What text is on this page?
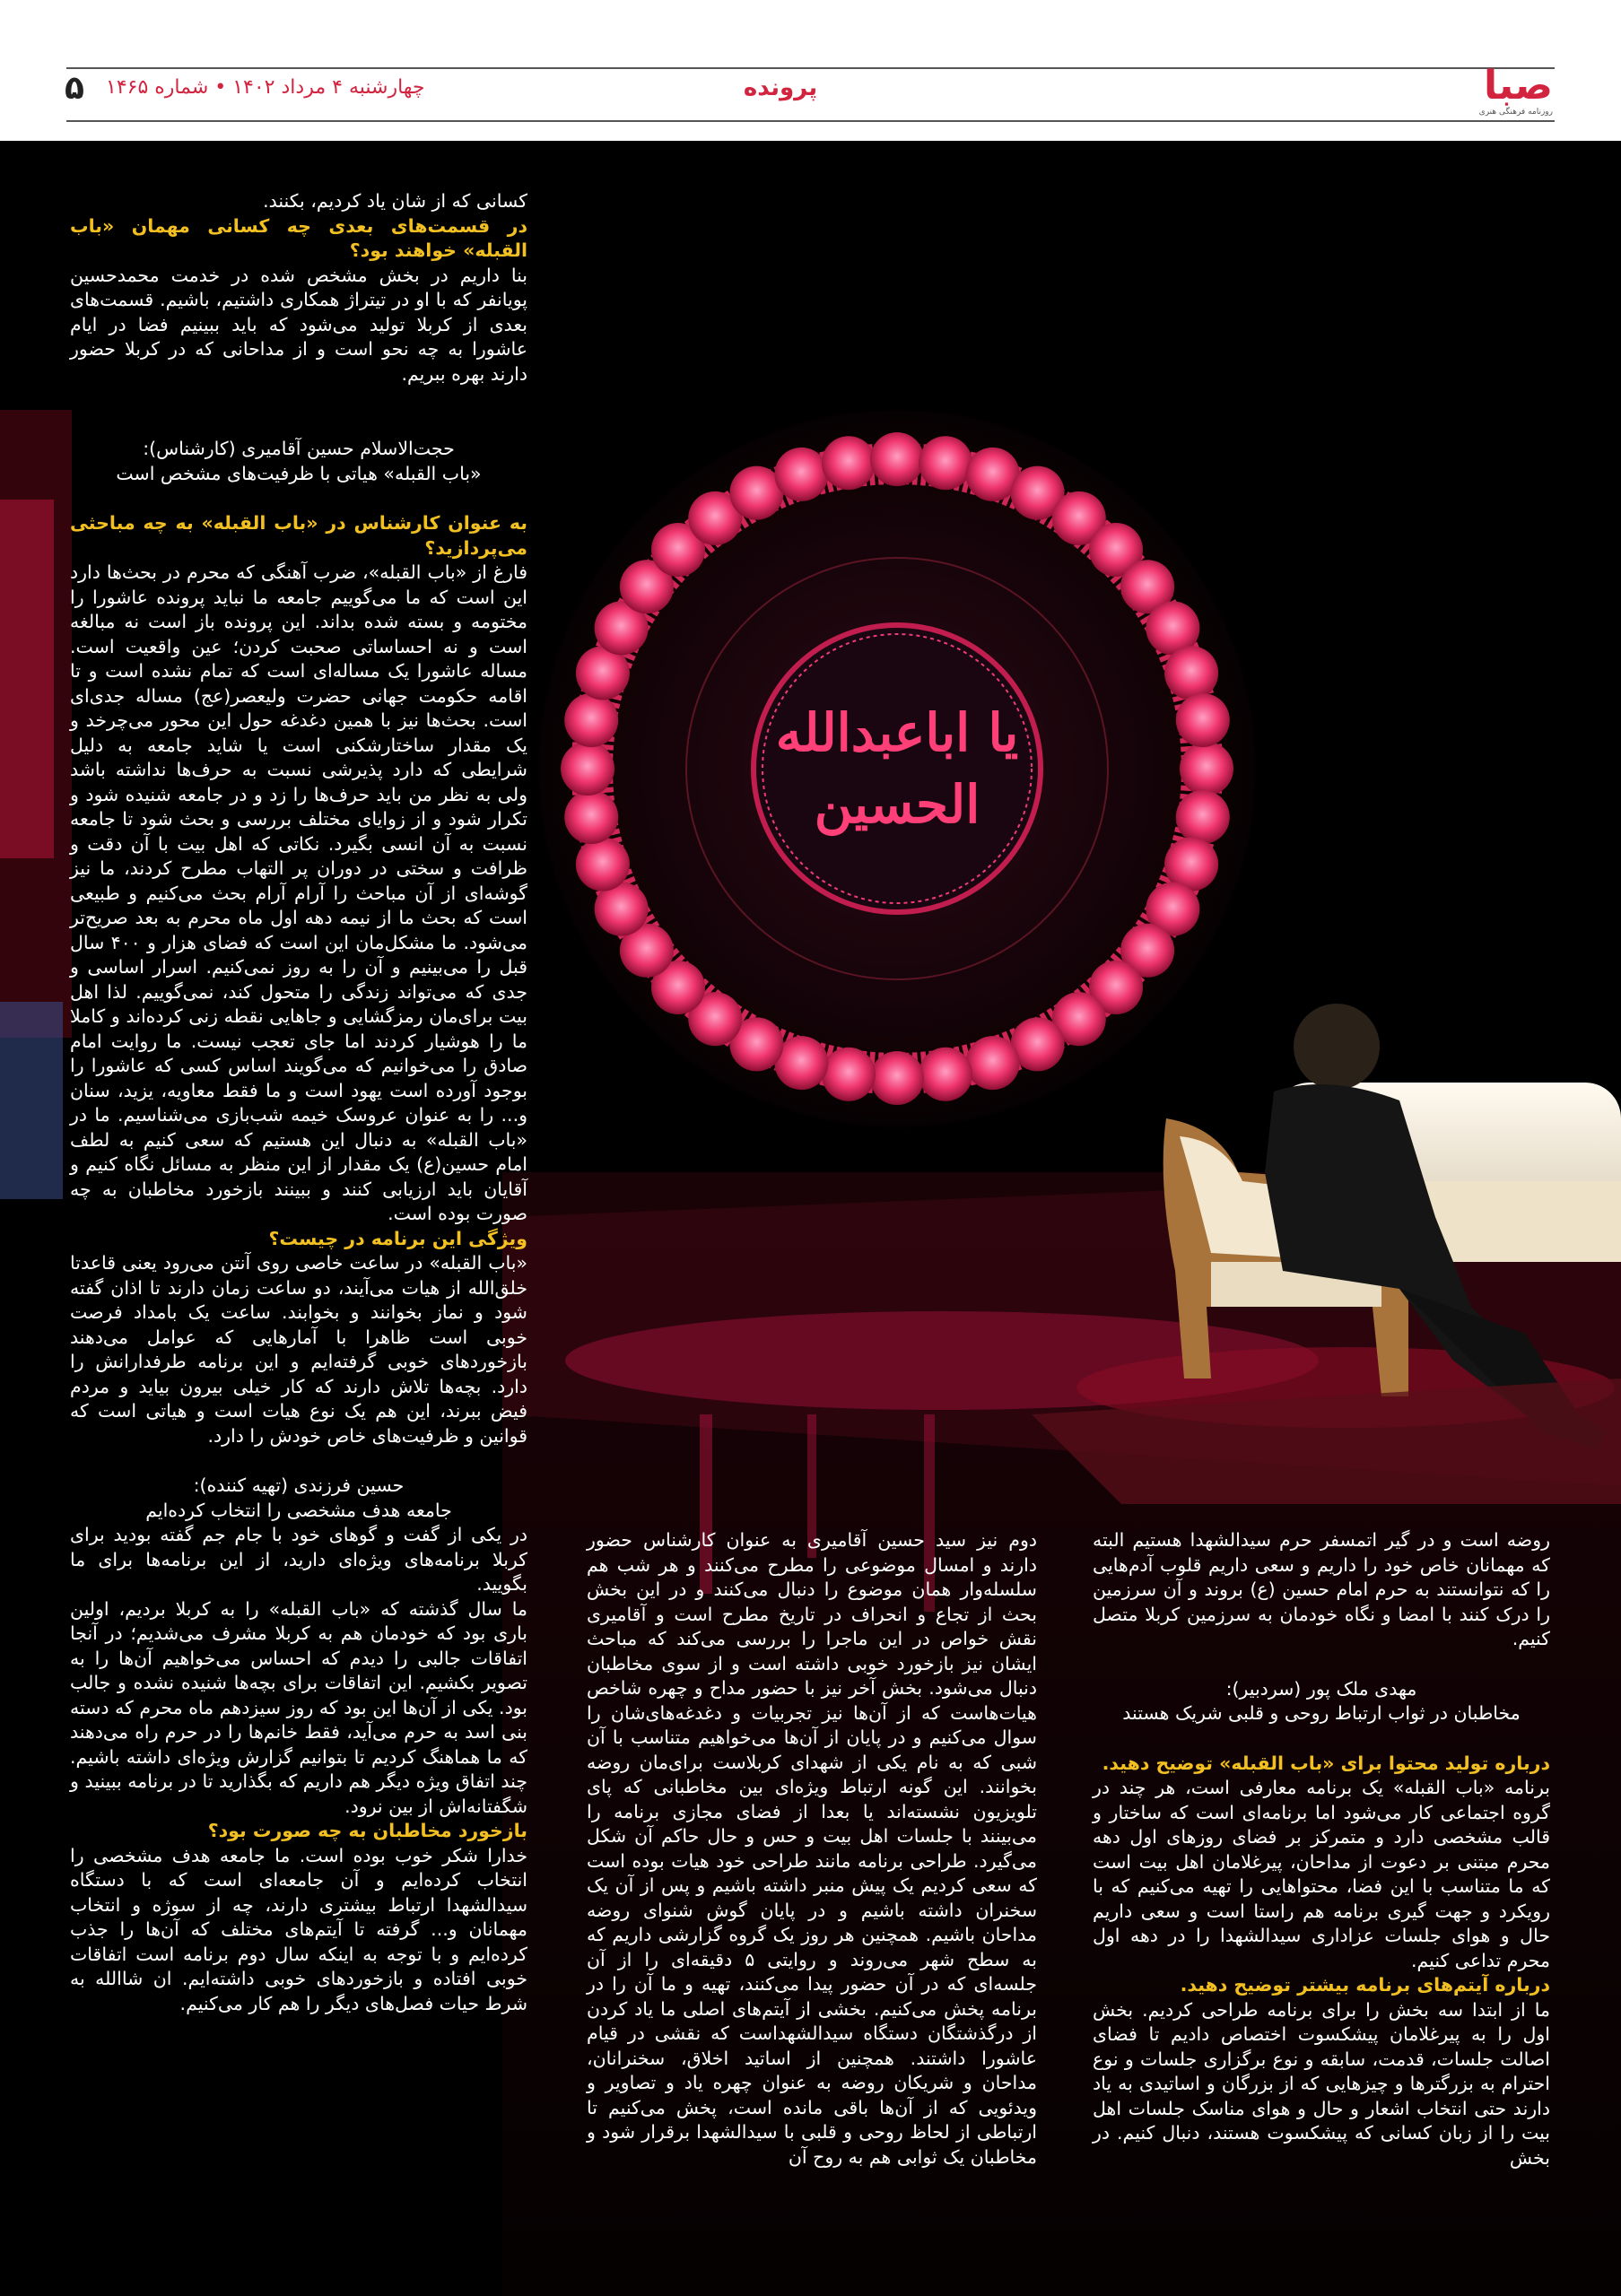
۵ چهارشنبه ۴ مرداد ۱۴۰۲ • شماره ۱۴۶۵	پرونده	صبا
روزنامه فرهنگی هنری
یا اباعبدالله
الحسین

کسانی که از شان یاد کردیم، بکنند.

در قسمت‌های بعدی چه کسانی مهمان «باب القبله» خواهند بود؟

بنا داریم در بخش مشخص شده در خدمت محمدحسین پویانفر که با او در تیتراژ همکاری داشتیم، باشیم. قسمت‌های بعدی از کربلا تولید می‌شود که باید ببینیم فضا در ایام عاشورا به چه نحو است و از مداحانی که در کربلا حضور دارند بهره ببریم.

حجت‌الاسلام حسین آقامیری (کارشناس):

«باب القبله» هیاتی با ظرفیت‌های مشخص است

به عنوان کارشناس در «باب القبله» به چه مباحثی می‌پردازید؟

فارغ از «باب القبله»، ضرب آهنگی که محرم در بحث‌ها دارد این است که ما می‌گوییم جامعه ما نباید پرونده عاشورا را مختومه و بسته شده بداند. این پرونده باز است نه مبالغه است و نه احساساتی صحبت کردن؛ عین واقعیت است. مساله عاشورا یک مساله‌ای است که تمام نشده است و تا اقامه حکومت جهانی حضرت ولیعصر(عج) مساله جدی‌ای است. بحث‌ها نیز با همین دغدغه حول این محور می‌چرخد و یک مقدار ساختارشکنی است یا شاید جامعه به دلیل شرایطی که دارد پذیرشی نسبت به حرف‌ها نداشته باشد ولی به نظر من باید حرف‌ها را زد و در جامعه شنیده شود و تکرار شود و از زوایای مختلف بررسی و بحث شود تا جامعه نسبت به آن انسی بگیرد. نکاتی که اهل بیت با آن دقت و ظرافت و سختی در دوران پر التهاب مطرح کردند، ما نیز گوشه‌ای از آن مباحث را آرام آرام بحث می‌کنیم و طبیعی است که بحث ما از نیمه دهه اول ماه محرم به بعد صریح‌تر می‌شود. ما مشکل‌مان این است که فضای هزار و ۴۰۰ سال قبل را می‌بینیم و آن را به روز نمی‌کنیم. اسرار اساسی و جدی که می‌تواند زندگی را متحول کند، نمی‌گوییم. لذا اهل بیت برای‌مان رمزگشایی و جاهایی نقطه زنی کرده‌اند و کاملا ما را هوشیار کردند اما جای تعجب نیست. ما روایت امام صادق را می‌خوانیم که می‌گویند اساس کسی که عاشورا را بوجود آورده است یهود است و ما فقط معاویه، یزید، سنان و... را به عنوان عروسک خیمه شب‌بازی می‌شناسیم. ما در «باب القبله» به دنبال این هستیم که سعی کنیم به لطف امام حسین(ع) یک مقدار از این منظر به مسائل نگاه کنیم و آقایان باید ارزیابی کنند و ببینند بازخورد مخاطبان به چه صورت بوده است.

ویژگی این برنامه در چیست؟

«باب القبله» در ساعت خاصی روی آنتن می‌رود یعنی قاعدتا خلق‌الله از هیات می‌آیند، دو ساعت زمان دارند تا اذان گفته شود و نماز بخوانند و بخوابند. ساعت یک بامداد فرصت خوبی است ظاهرا با آمارهایی که عوامل می‌دهند بازخوردهای خوبی گرفته‌ایم و این برنامه طرفدارانش را دارد. بچه‌ها تلاش دارند که کار خیلی بیرون بیاید و مردم فیض ببرند، این هم یک نوع هیات است و هیاتی است که قوانین و ظرفیت‌های خاص خودش را دارد.

حسین فرزندی (تهیه کننده):

جامعه هدف مشخصی را انتخاب کرده‌ایم

در یکی از گفت و گوهای خود با جام جم گفته بودید برای کربلا برنامه‌های ویژه‌ای دارید، از این برنامه‌ها برای ما بگویید.

ما سال گذشته که «باب القبله» را به کربلا بردیم، اولین باری بود که خودمان هم به کربلا مشرف می‌شدیم؛ در آنجا اتفاقات جالبی را دیدم که احساس می‌خواهیم آن‌ها را به تصویر بکشیم. این اتفاقات برای بچه‌ها شنیده نشده و جالب بود. یکی از آن‌ها این بود که روز سیزدهم ماه محرم که دسته بنی اسد به حرم می‌آید، فقط خانم‌ها را در حرم راه می‌دهند که ما هماهنگ کردیم تا بتوانیم گزارش ویژه‌ای داشته باشیم. چند اتفاق ویژه دیگر هم داریم که بگذارید تا در برنامه ببینید و شگفتانه‌اش از بین نرود.

بازخورد مخاطبان به چه صورت بود؟

خدارا شکر خوب بوده است. ما جامعه هدف مشخصی را انتخاب کرده‌ایم و آن جامعه‌ای است که با دستگاه سیدالشهدا ارتباط بیشتری دارند، چه از سوژه و انتخاب مهمانان و... گرفته تا آیتم‌های مختلف که آن‌ها را جذب کرده‌ایم و با توجه به اینکه سال دوم برنامه است اتفاقات خوبی افتاده و بازخوردهای خوبی داشته‌ایم. ان شاالله به شرط حیات فصل‌های دیگر را هم کار می‌کنیم.

دوم نیز سید حسین آقامیری به عنوان کارشناس حضور دارند و امسال موضوعی را مطرح می‌کنند و هر شب هم سلسله‌وار همان موضوع را دنبال می‌کنند و در این بخش بحث از تجاع و انحراف در تاریخ مطرح است و آقامیری نقش خواص در این ماجرا را بررسی می‌کند که مباحث ایشان نیز بازخورد خوبی داشته است و از سوی مخاطبان دنبال می‌شود. بخش آخر نیز با حضور مداح و چهره شاخص هیات‌هاست که از آن‌ها نیز تجربیات و دغدغه‌های‌شان را سوال می‌کنیم و در پایان از آن‌ها می‌خواهیم متناسب با آن شبی که به نام یکی از شهدای کربلاست برای‌مان روضه بخوانند. این گونه ارتباط ویژه‌ای بین مخاطبانی که پای تلویزیون نشسته‌اند یا بعدا از فضای مجازی برنامه را می‌بینند با جلسات اهل بیت و حس و حال حاکم آن شکل می‌گیرد. طراحی برنامه مانند طراحی خود هیات بوده است که سعی کردیم یک پیش منبر داشته باشیم و پس از آن یک سخنران داشته باشیم و در پایان گوش شنوای روضه مداحان باشیم. همچنین هر روز یک گروه گزارشی داریم که به سطح شهر می‌روند و روایتی ۵ دقیقه‌ای را از آن جلسه‌ای که در آن حضور پیدا می‌کنند، تهیه و ما آن را در برنامه پخش می‌کنیم. بخشی از آیتم‌های اصلی ما یاد کردن از درگذشتگان دستگاه سیدالشهداست که نقشی در قیام عاشورا داشتند. همچنین از اساتید اخلاق، سخنرانان، مداحان و شریکان روضه به عنوان چهره یاد و تصاویر و ویدئویی که از آن‌ها باقی مانده است، پخش می‌کنیم تا ارتباطی از لحاظ روحی و قلبی با سیدالشهدا برقرار شود و مخاطبان یک ثوابی هم به روح آن

روضه است و در گیر اتمسفر حرم سیدالشهدا هستیم البته که مهمانان خاص خود را داریم و سعی داریم قلوب آدم‌هایی را که نتوانستند به حرم امام حسین (ع) بروند و آن سرزمین را درک کنند با امضا و نگاه خودمان به سرزمین کربلا متصل کنیم.

مهدی ملک پور (سردبیر):

مخاطبان در ثواب ارتباط روحی و قلبی شریک هستند

درباره تولید محتوا برای «باب القبله» توضیح دهید.

برنامه «باب القبله» یک برنامه معارفی است، هر چند در گروه اجتماعی کار می‌شود اما برنامه‌ای است که ساختار و قالب مشخصی دارد و متمرکز بر فضای روزهای اول دهه محرم مبتنی بر دعوت از مداحان، پیرغلامان اهل بیت است که ما متناسب با این فضا، محتواهایی را تهیه می‌کنیم که با رویکرد و جهت گیری برنامه هم راستا است و سعی داریم حال و هوای جلسات عزاداری سیدالشهدا را در دهه اول محرم تداعی کنیم.

درباره آیتم‌های برنامه بیشتر توضیح دهید.

ما از ابتدا سه بخش را برای برنامه طراحی کردیم. بخش اول را به پیرغلامان پیشکسوت اختصاص دادیم تا فضای اصالت جلسات، قدمت، سابقه و نوع برگزاری جلسات و نوع احترام به بزرگترها و چیزهایی که از بزرگان و اساتیدی به یاد دارند حتی انتخاب اشعار و حال و هوای مناسک جلسات اهل بیت را از زبان کسانی که پیشکسوت هستند، دنبال کنیم. در بخش
